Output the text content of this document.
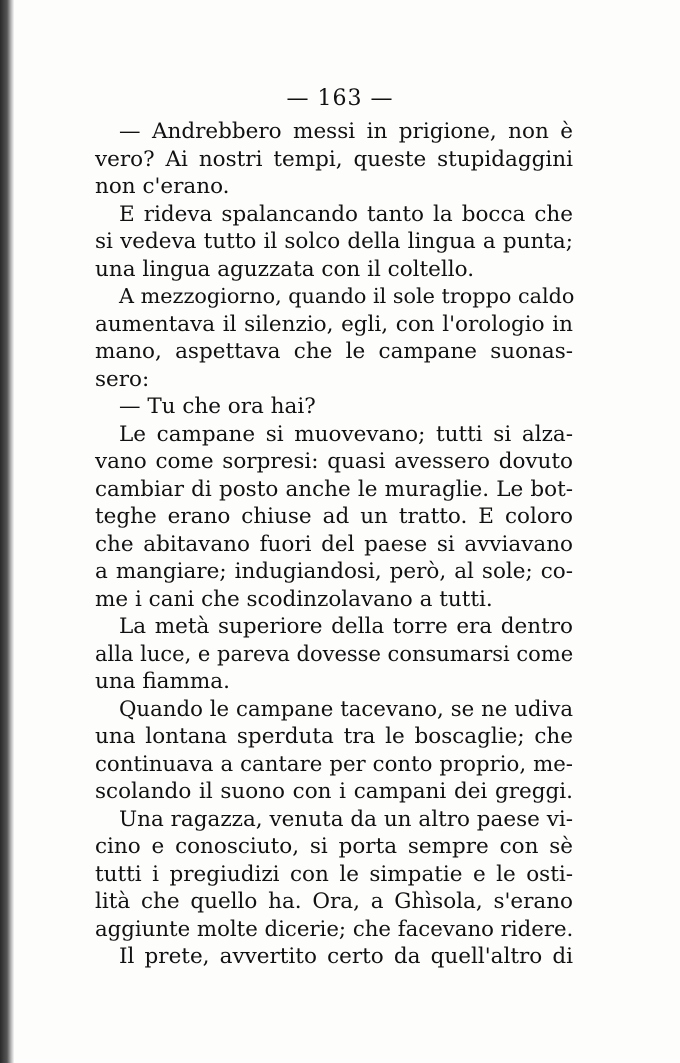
— 163 —
— Andrebbero messi in prigione, non è
vero? Ai nostri tempi, queste stupidaggini
non c'erano.
E rideva spalancando tanto la bocca che
si vedeva tutto il solco della lingua a punta;
una lingua aguzzata con il coltello.
A mezzogiorno, quando il sole troppo caldo
aumentava il silenzio, egli, con l'orologio in
mano, aspettava che le campane suonas-
sero:
— Tu che ora hai?
Le campane si muovevano; tutti si alza-
vano come sorpresi: quasi avessero dovuto
cambiar di posto anche le muraglie. Le bot-
teghe erano chiuse ad un tratto. E coloro
che abitavano fuori del paese si avviavano
a mangiare; indugiandosi, però, al sole; co-
me i cani che scodinzolavano a tutti.
La metà superiore della torre era dentro
alla luce, e pareva dovesse consumarsi come
una fiamma.
Quando le campane tacevano, se ne udiva
una lontana sperduta tra le boscaglie; che
continuava a cantare per conto proprio, me-
scolando il suono con i campani dei greggi.
Una ragazza, venuta da un altro paese vi-
cino e conosciuto, si porta sempre con sè
tutti i pregiudizi con le simpatie e le osti-
lità che quello ha. Ora, a Ghìsola, s'erano
aggiunte molte dicerie; che facevano ridere.
Il prete, avvertito certo da quell'altro di
